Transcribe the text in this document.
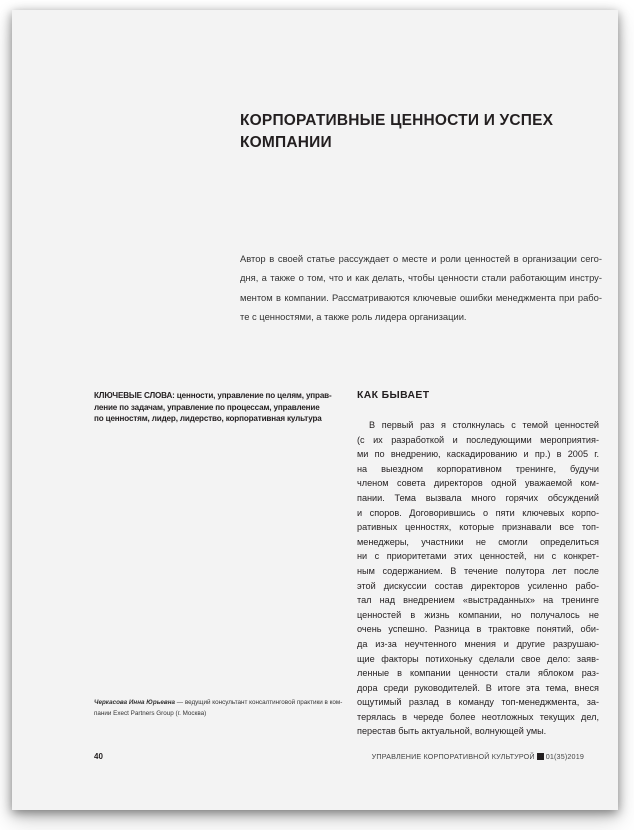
КОРПОРАТИВНЫЕ ЦЕННОСТИ И УСПЕХ
КОМПАНИИ
Автор в своей статье рассуждает о месте и роли ценностей в организации сего-
дня, а также о том, что и как делать, чтобы ценности стали работающим инстру-
ментом в компании. Рассматриваются ключевые ошибки менеджмента при рабо-
те с ценностями, а также роль лидера организации.
КЛЮЧЕВЫЕ СЛОВА: ценности, управление по целям, управ-
ление по задачам, управление по процессам, управление
по ценностям, лидер, лидерство, корпоративная культура
КАК БЫВАЕТ
В первый раз я столкнулась с темой ценностей
(с их разработкой и последующими мероприятия-
ми по внедрению, каскадированию и пр.) в 2005 г.
на выездном корпоративном тренинге, будучи
членом совета директоров одной уважаемой ком-
пании. Тема вызвала много горячих обсуждений
и споров. Договорившись о пяти ключевых корпо-
ративных ценностях, которые признавали все топ-
менеджеры, участники не смогли определиться
ни с приоритетами этих ценностей, ни с конкрет-
ным содержанием. В течение полутора лет после
этой дискуссии состав директоров усиленно рабо-
тал над внедрением «выстраданных» на тренинге
ценностей в жизнь компании, но получалось не
очень успешно. Разница в трактовке понятий, оби-
да из-за неучтенного мнения и другие разрушаю-
щие факторы потихоньку сделали свое дело: заяв-
ленные в компании ценности стали яблоком раз-
дора среди руководителей. В итоге эта тема, внеся
ощутимый разлад в команду топ-менеджмента, за-
терялась в череде более неотложных текущих дел,
перестав быть актуальной, волнующей умы.
Черкасова Инна Юрьевна — ведущий консультант консалтинговой практики в ком-
пании Exect Partners Group (г. Москва)
40	УПРАВЛЕНИЕ КОРПОРАТИВНОЙ КУЛЬТУРОЙ 01(35)2019
